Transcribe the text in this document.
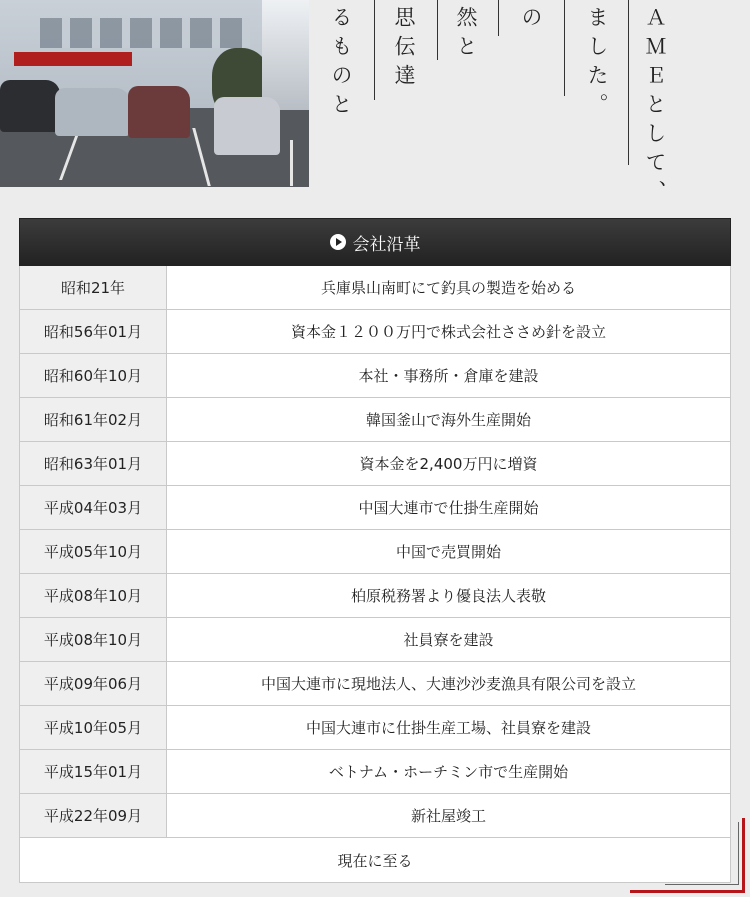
ＡＭＥとして、
ました。
の
然と
思伝達
るものと
会社沿革
昭和21年	兵庫県山南町にて釣具の製造を始める
昭和56年01月	資本金１２００万円で株式会社ささめ針を設立
昭和60年10月	本社・事務所・倉庫を建設
昭和61年02月	韓国釜山で海外生産開始
昭和63年01月	資本金を2,400万円に増資
平成04年03月	中国大連市で仕掛生産開始
平成05年10月	中国で売買開始
平成08年10月	柏原税務署より優良法人表敬
平成08年10月	社員寮を建設
平成09年06月	中国大連市に現地法人、大連沙沙麦漁具有限公司を設立
平成10年05月	中国大連市に仕掛生産工場、社員寮を建設
平成15年01月	ベトナム・ホーチミン市で生産開始
平成22年09月	新社屋竣工
現在に至る
